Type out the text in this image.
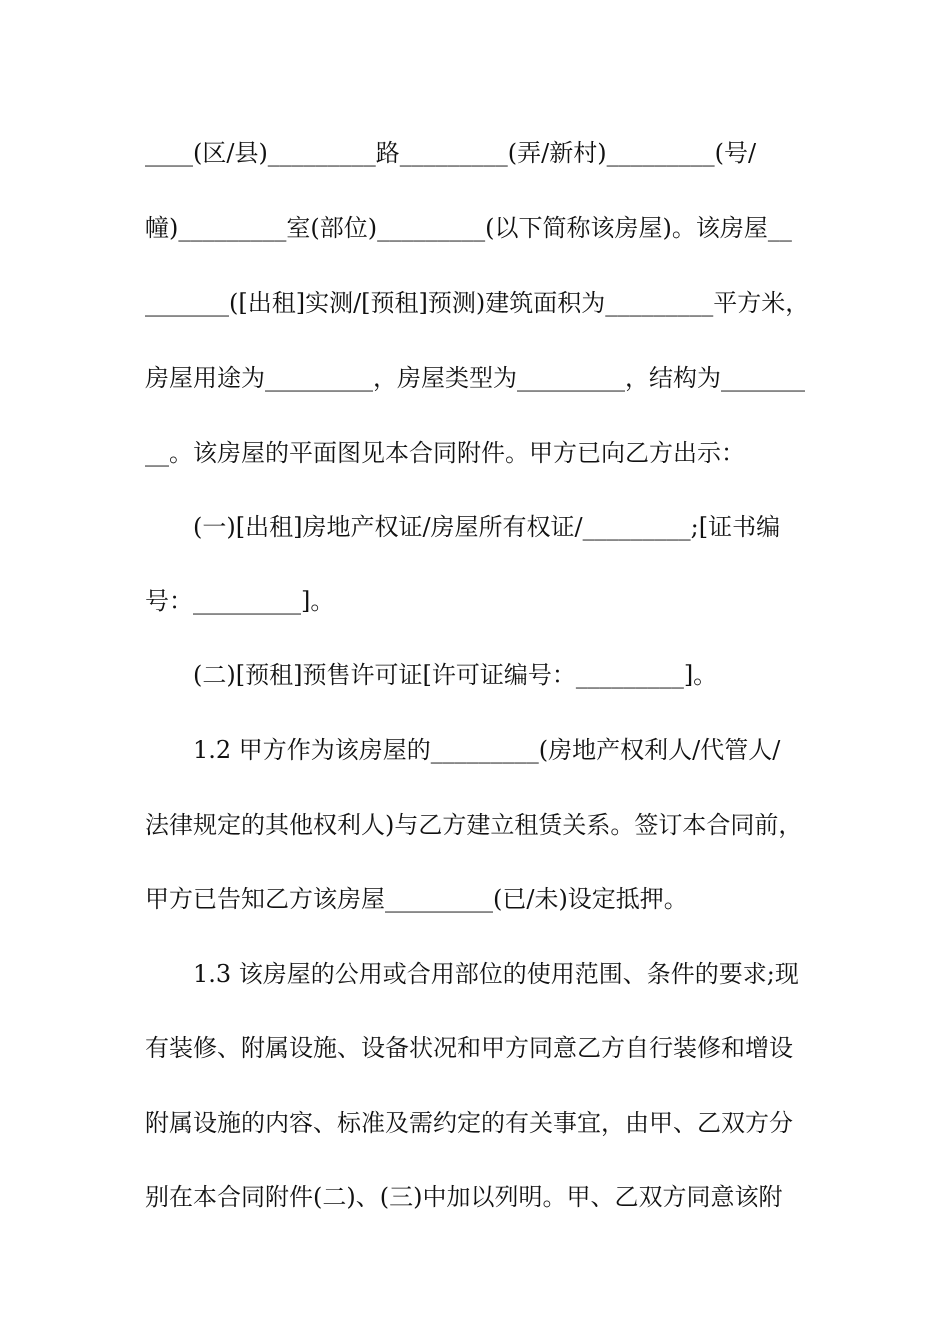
____(区/县)_________路_________(弄/新村)_________(号/
幢)_________室(部位)_________(以下简称该房屋)。该房屋__
_______([出租]实测/[预租]预测)建筑面积为_________平方米，
房屋用途为_________，房屋类型为_________，结构为_______
__。该房屋的平面图见本合同附件。甲方已向乙方出示：
(一)[出租]房地产权证/房屋所有权证/_________;[证书编
号：_________]。
(二)[预租]预售许可证[许可证编号：_________]。
1.2 甲方作为该房屋的_________(房地产权利人/代管人/
法律规定的其他权利人)与乙方建立租赁关系。签订本合同前，
甲方已告知乙方该房屋_________(已/未)设定抵押。
1.3 该房屋的公用或合用部位的使用范围、条件的要求;现
有装修、附属设施、设备状况和甲方同意乙方自行装修和增设
附属设施的内容、标准及需约定的有关事宜，由甲、乙双方分
别在本合同附件(二)、(三)中加以列明。甲、乙双方同意该附
